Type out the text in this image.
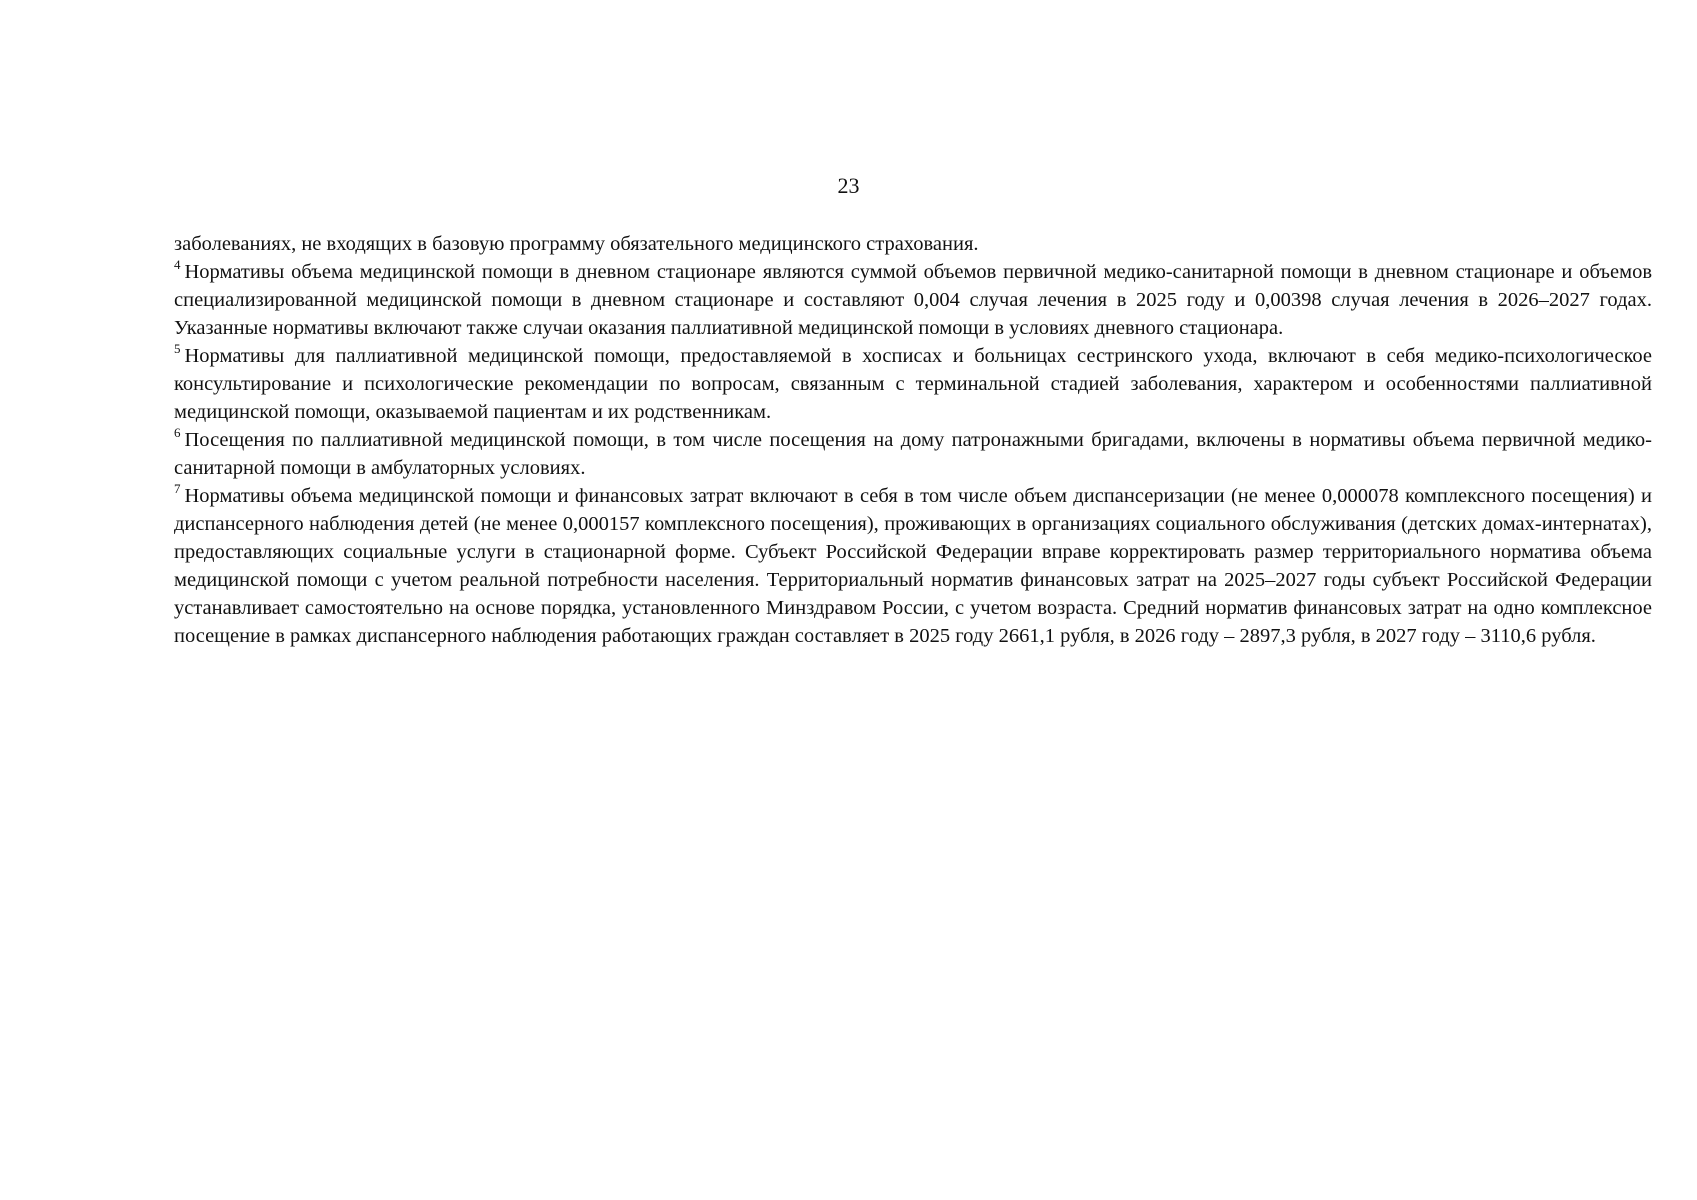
23

заболеваниях, не входящих в базовую программу обязательного медицинского страхования.

$^4$ Нормативы объема медицинской помощи в дневном стационаре являются суммой объемов первичной медико-санитарной помощи в дневном стационаре и объемов специализированной медицинской помощи в дневном стационаре и составляют 0,004 случая лечения в 2025 году и 0,00398 случая лечения в 2026–2027 годах. Указанные нормативы включают также случаи оказания паллиативной медицинской помощи в условиях дневного стационара.

$^5$ Нормативы для паллиативной медицинской помощи, предоставляемой в хосписах и больницах сестринского ухода, включают в себя медико-психологическое консультирование и психологические рекомендации по вопросам, связанным с терминальной стадией заболевания, характером и особенностями паллиативной медицинской помощи, оказываемой пациентам и их родственникам.

$^6$ Посещения по паллиативной медицинской помощи, в том числе посещения на дому патронажными бригадами, включены в нормативы объема первичной медико-санитарной помощи в амбулаторных условиях.

$^7$ Нормативы объема медицинской помощи и финансовых затрат включают в себя в том числе объем диспансеризации (не менее 0,000078 комплексного посещения) и диспансерного наблюдения детей (не менее 0,000157 комплексного посещения), проживающих в организациях социального обслуживания (детских домах-интернатах), предоставляющих социальные услуги в стационарной форме. Субъект Российской Федерации вправе корректировать размер территориального норматива объема медицинской помощи с учетом реальной потребности населения. Территориальный норматив финансовых затрат на 2025–2027 годы субъект Российской Федерации устанавливает самостоятельно на основе порядка, установленного Минздравом России, с учетом возраста. Средний норматив финансовых затрат на одно комплексное посещение в рамках диспансерного наблюдения работающих граждан составляет в 2025 году 2661,1 рубля, в 2026 году – 2897,3 рубля, в 2027 году – 3110,6 рубля.
